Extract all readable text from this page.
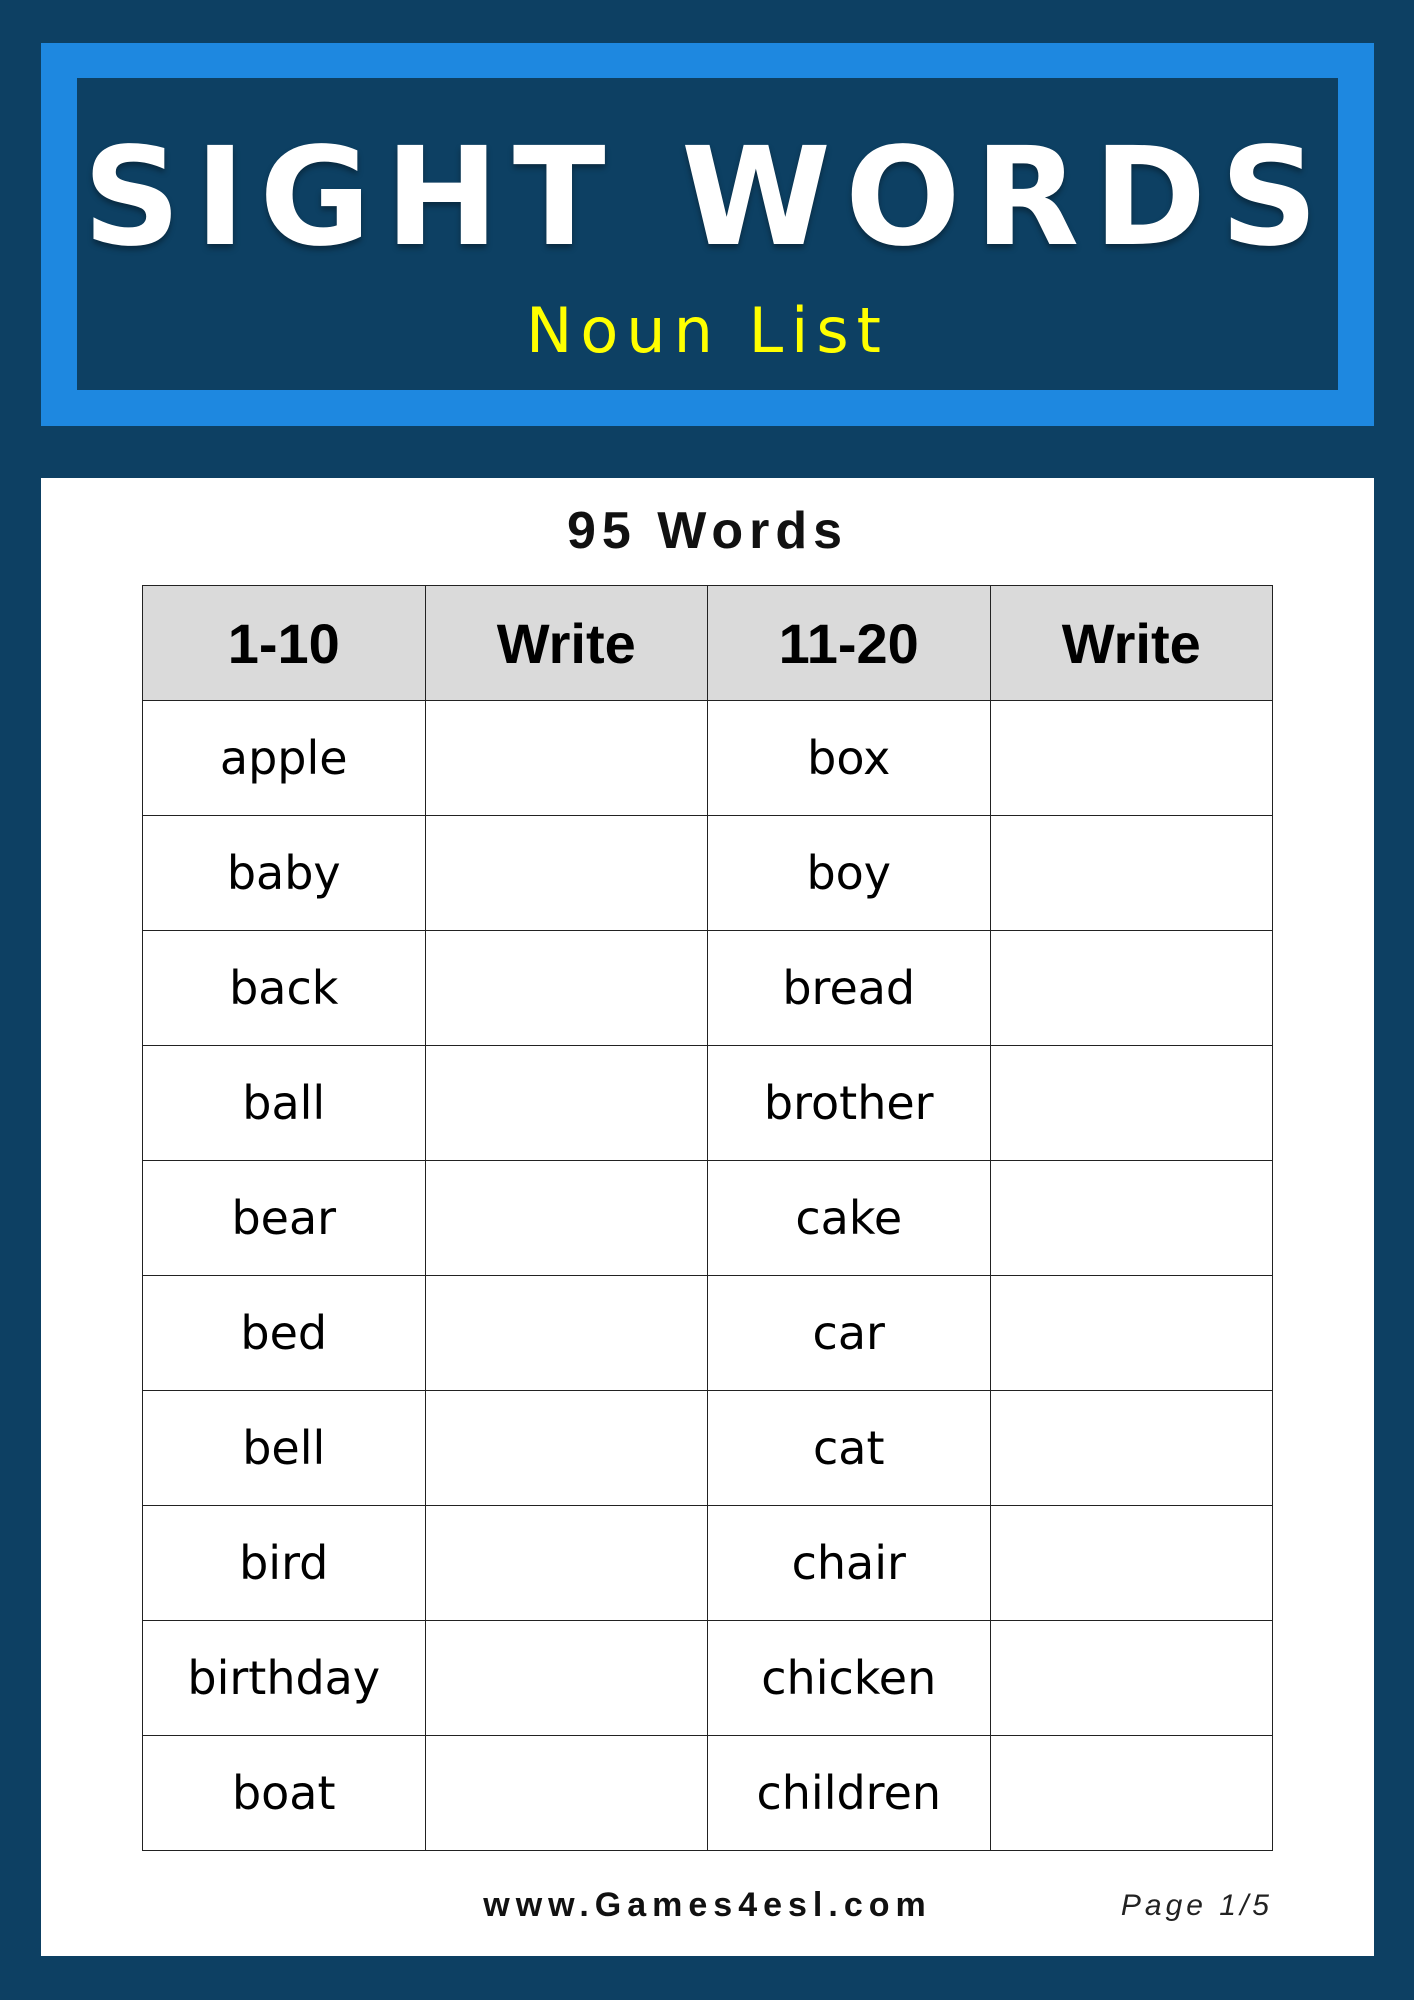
SIGHT WORDS
Noun List
95 Words
1-10	Write	11-20	Write
apple		box	
baby		boy	
back		bread	
ball		brother	
bear		cake	
bed		car	
bell		cat	
bird		chair	
birthday		chicken	
boat		children	
www.Games4esl.com	Page 1/5
